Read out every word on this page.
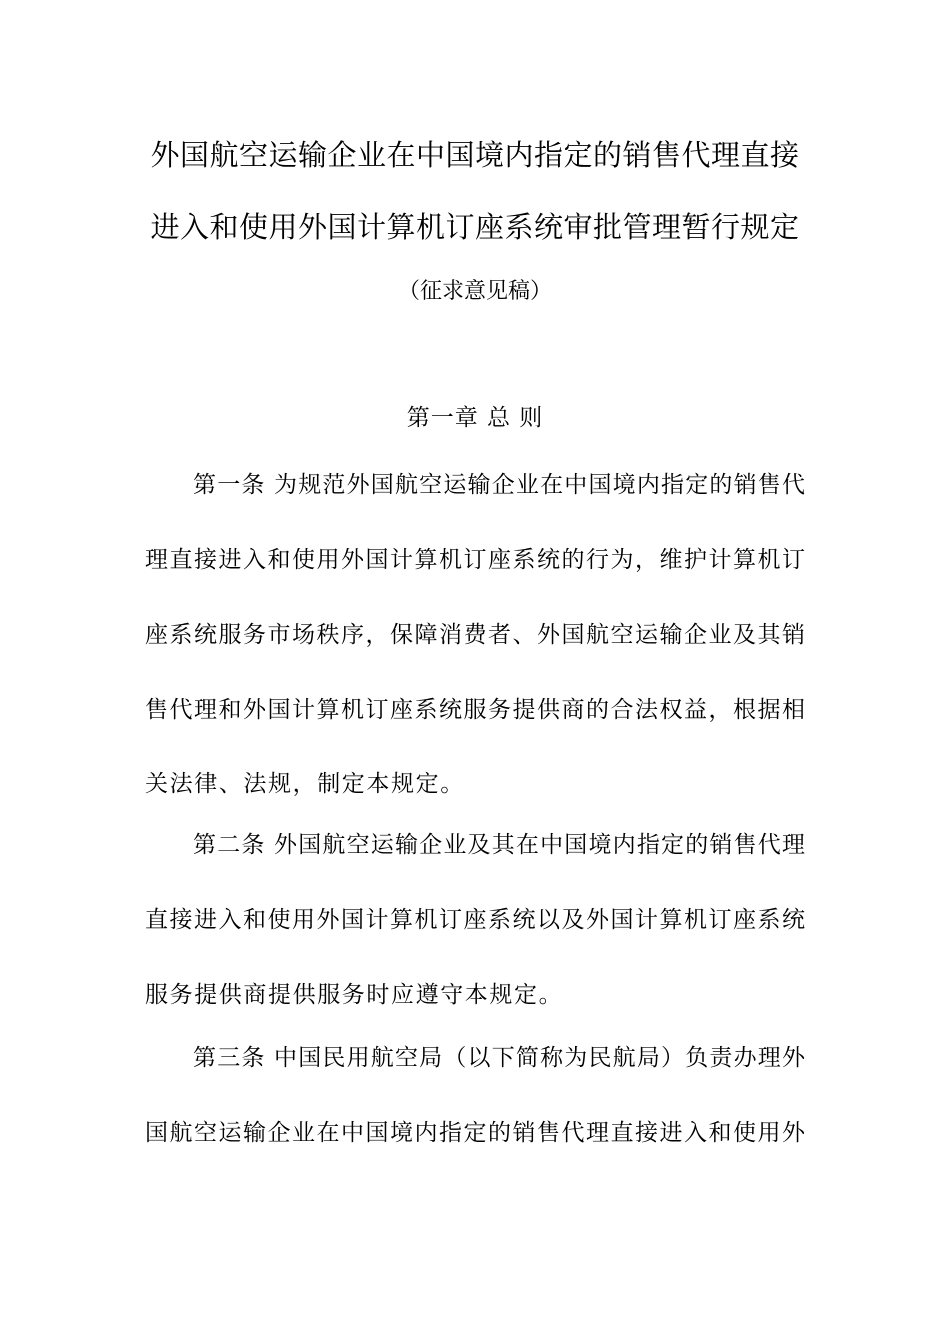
外国航空运输企业在中国境内指定的销售代理直接
进入和使用外国计算机订座系统审批管理暂行规定
（征求意见稿）
第一章 总 则
第一条 为规范外国航空运输企业在中国境内指定的销售代
理直接进入和使用外国计算机订座系统的行为，维护计算机订
座系统服务市场秩序，保障消费者、外国航空运输企业及其销
售代理和外国计算机订座系统服务提供商的合法权益，根据相
关法律、法规，制定本规定。
第二条 外国航空运输企业及其在中国境内指定的销售代理
直接进入和使用外国计算机订座系统以及外国计算机订座系统
服务提供商提供服务时应遵守本规定。
第三条 中国民用航空局（以下简称为民航局）负责办理外
国航空运输企业在中国境内指定的销售代理直接进入和使用外
